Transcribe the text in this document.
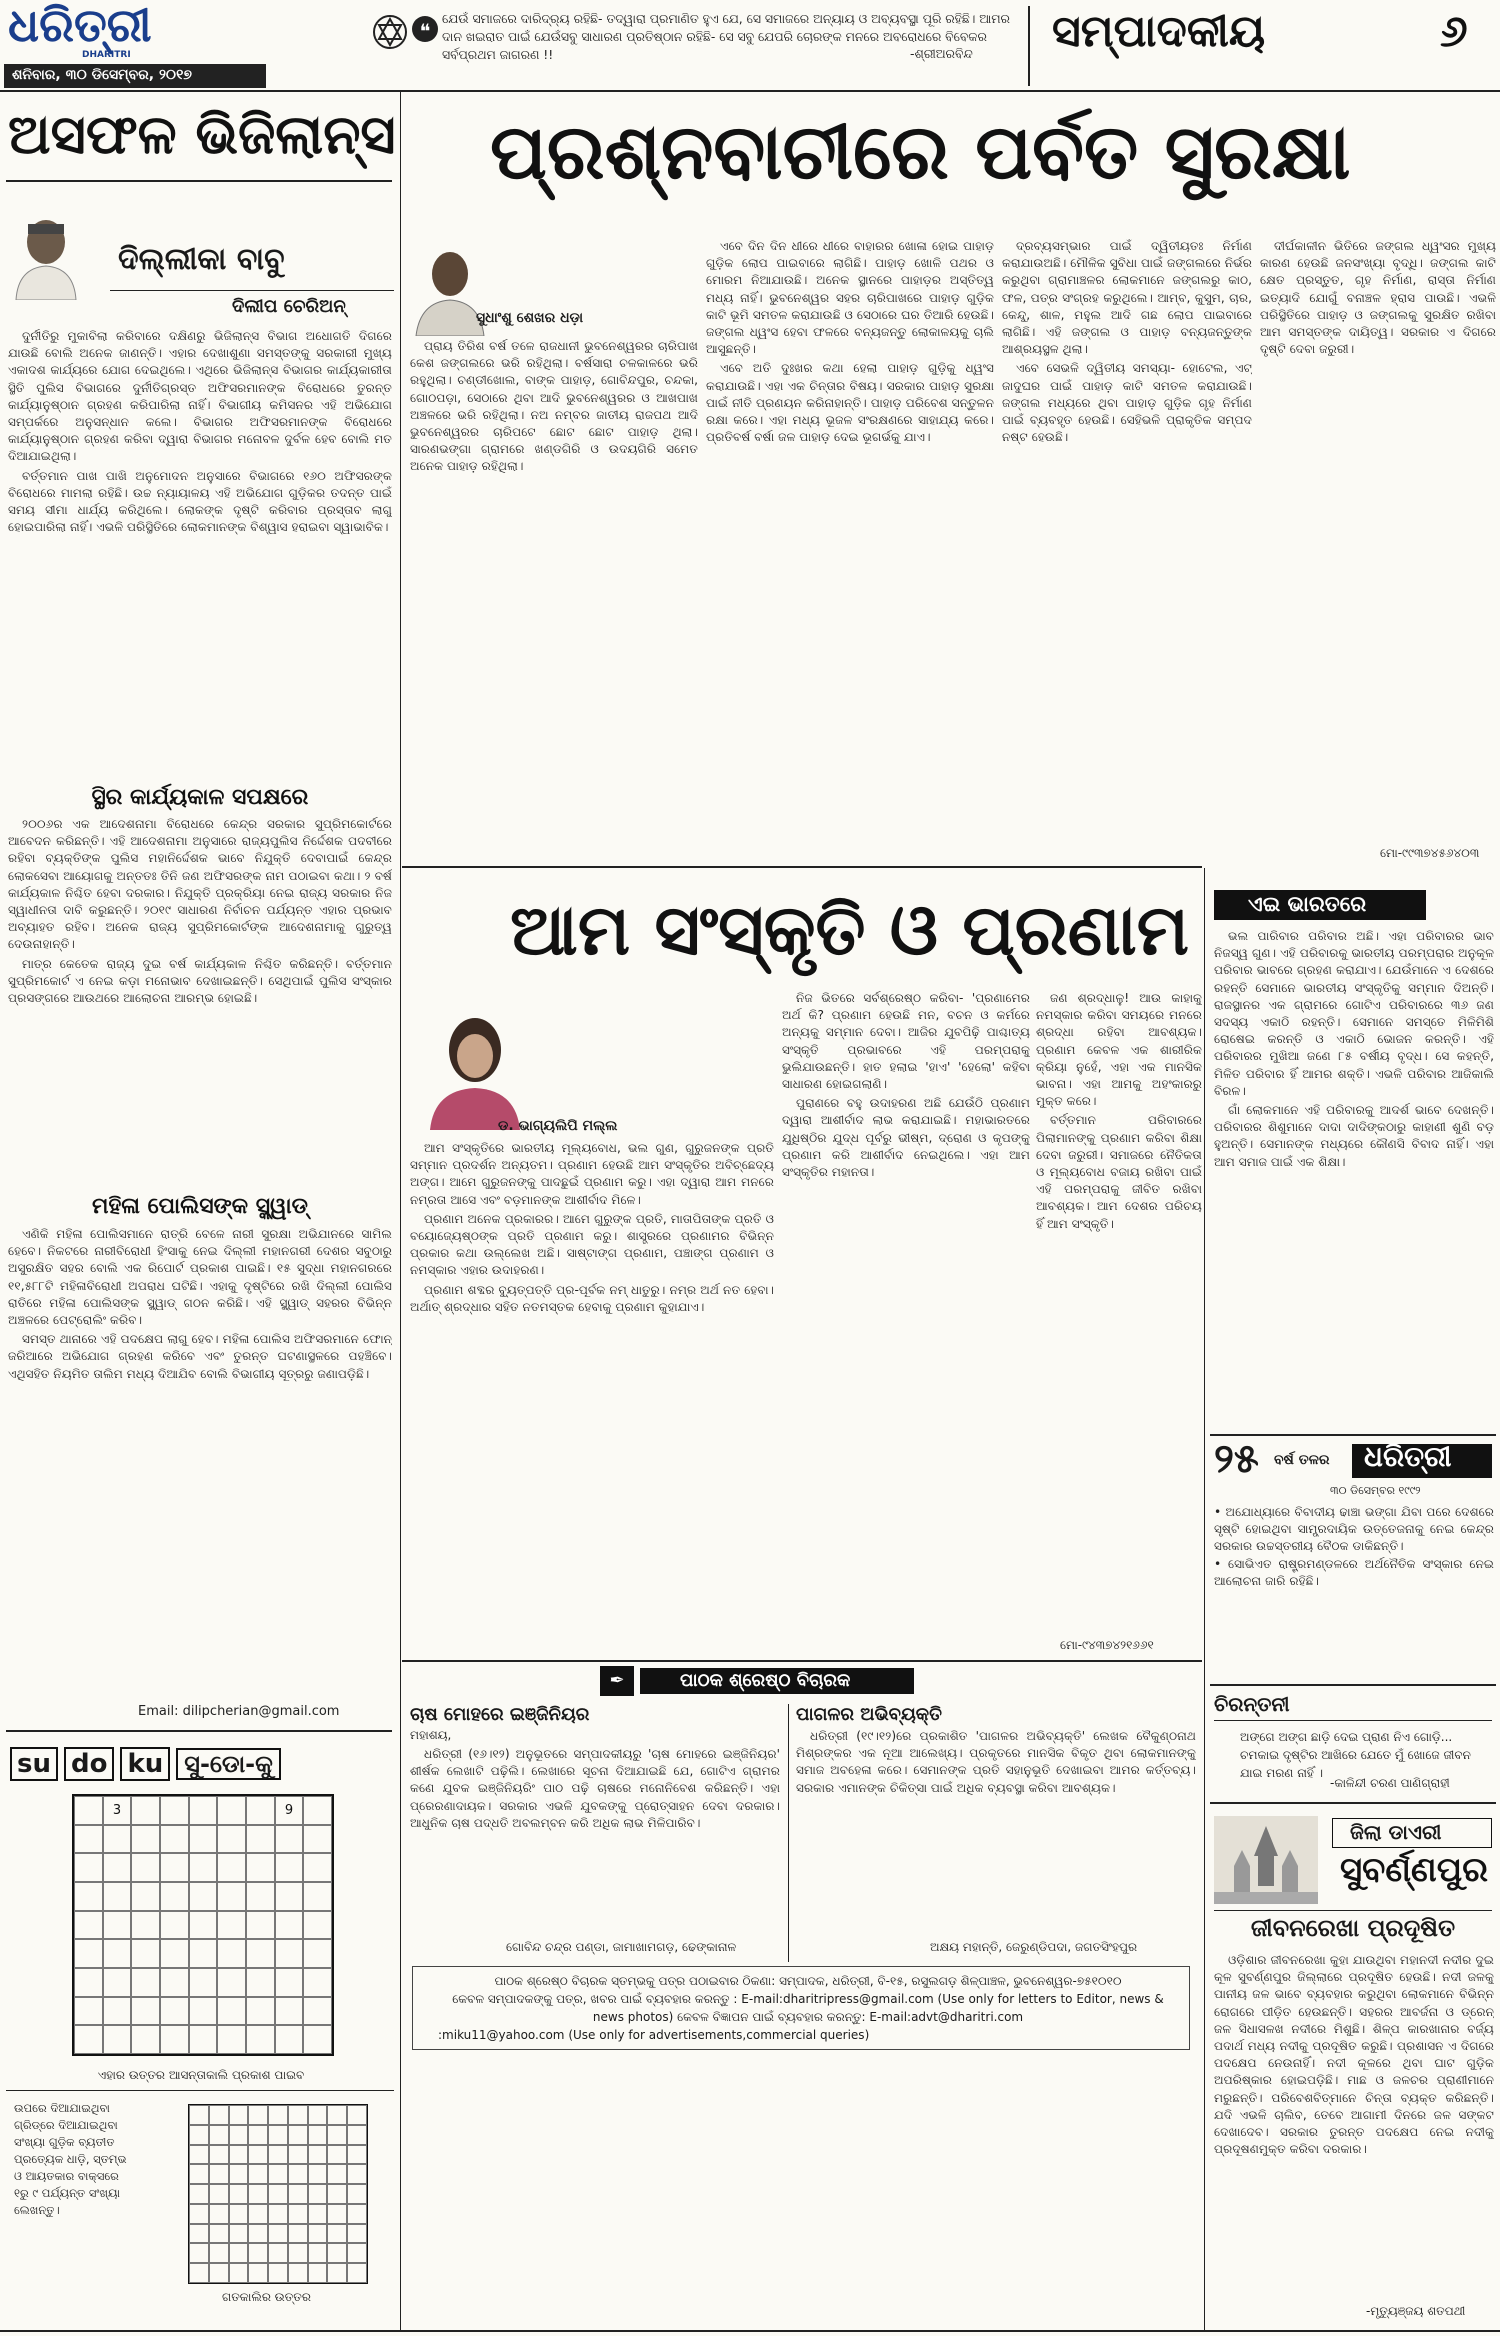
ଧରିତ୍ରୀ
DHARITRI
ଶନିବାର, ୩୦ ଡିସେମ୍ବର, ୨୦୧୭
❝
ଯେଉଁ ସମାଜରେ ଦାରିଦ୍ର୍ୟ ରହିଛି- ତଦ୍ୱାରା ପ୍ରମାଣିତ ହୁଏ ଯେ, ସେ ସମାଜରେ ଅନ୍ୟାୟ ଓ ଅବ୍ୟବସ୍ଥା ପୂରି ରହିଛି। ଆମର ଦାନ ଖଇରାତ ପାଇଁ ଯେଉଁସବୁ ସାଧାରଣ ପ୍ରତିଷ୍ଠାନ ରହିଛି- ସେ ସବୁ ଯେପରି ଚୋରଙ୍କ ମନରେ ଅବରୋଧରେ ବିବେକର ସର୍ବପ୍ରଥମ ଜାଗରଣ !!	-ଶ୍ରୀଅରବିନ୍ଦ ସମ୍ପାଦକୀୟ	୬
ଅସଫଳ ଭିଜିଲାନ୍ସ
ଦିଲ୍ଲୀକା ବାବୁ
ଦିଲୀପ ଚେରିଅନ୍

ଦୁର୍ନୀତିରୁ ମୁକାବିଲା କରିବାରେ ଦକ୍ଷିଣରୁ ଭିଜିଲାନ୍ସ ବିଭାଗ ଅଧୋଗତି ଦିଗରେ ଯାଉଛି ବୋଲି ଅନେକ ଜାଣନ୍ତି। ଏହାର ଦେଖାଶୁଣା ସମସ୍ତଙ୍କୁ ସରକାରୀ ମୁଖ୍ୟ ଏକାଦଶ କାର୍ଯ୍ୟରେ ଯୋଗ ଦେଇଥିଲେ। ଏଥିରେ ଭିଜିଲାନ୍ସ ବିଭାଗର କାର୍ଯ୍ୟକାରୀତା ସ୍ଥିତି ପୁଲିସ ବିଭାଗରେ ଦୁର୍ନୀତିଗ୍ରସ୍ତ ଅଫିସରମାନଙ୍କ ବିରୋଧରେ ତୁରନ୍ତ କାର୍ଯ୍ୟାନୁଷ୍ଠାନ ଗ୍ରହଣ କରିପାରିଲା ନାହିଁ। ବିଭାଗୀୟ କମିସନର ଏହି ଅଭିଯୋଗ ସମ୍ପର୍କରେ ଅନୁସନ୍ଧାନ କଲେ। ବିଭାଗର ଅଫିସରମାନଙ୍କ ବିରୋଧରେ କାର୍ଯ୍ୟାନୁଷ୍ଠାନ ଗ୍ରହଣ କରିବା ଦ୍ୱାରା ବିଭାଗର ମନୋବଳ ଦୁର୍ବଳ ହେବ ବୋଲି ମତ ଦିଆଯାଇଥିଲା।

ବର୍ତ୍ତମାନ ପାଖ ପାଖି ଅନୁମୋଦନ ଅନୁସାରେ ବିଭାଗରେ ୧୬୦ ଅଫିସରଙ୍କ ବିରୋଧରେ ମାମଲା ରହିଛି। ଉଚ୍ଚ ନ୍ୟାୟାଳୟ ଏହି ଅଭିଯୋଗ ଗୁଡ଼ିକର ତଦନ୍ତ ପାଇଁ ସମୟ ସୀମା ଧାର୍ଯ୍ୟ କରିଥିଲେ। ଲୋକଙ୍କ ଦୃଷ୍ଟି କରିବାର ପ୍ରସ୍ତାବ ଲାଗୁ ହୋଇପାରିଲା ନାହିଁ। ଏଭଳି ପରିସ୍ଥିତିରେ ଲୋକମାନଙ୍କ ବିଶ୍ୱାସ ହରାଇବା ସ୍ୱାଭାବିକ।

ସ୍ଥିର କାର୍ଯ୍ୟକାଳ ସପକ୍ଷରେ

୨୦୦୬ର ଏକ ଆଦେଶନାମା ବିରୋଧରେ କେନ୍ଦ୍ର ସରକାର ସୁପ୍ରିମକୋର୍ଟରେ ଆବେଦନ କରିଛନ୍ତି। ଏହି ଆଦେଶନାମା ଅନୁସାରେ ରାଜ୍ୟପୁଲିସ ନିର୍ଦ୍ଦେଶକ ପଦବୀରେ ରହିବା ବ୍ୟକ୍ତିଙ୍କ ପୁଲିସ ମହାନିର୍ଦ୍ଦେଶକ ଭାବେ ନିଯୁକ୍ତି ଦେବାପାଇଁ କେନ୍ଦ୍ର ଲୋକସେବା ଆୟୋଗକୁ ଅନ୍ତତଃ ତିନି ଜଣ ଅଫିସରଙ୍କ ନାମ ପଠାଇବା କଥା। ୨ ବର୍ଷ କାର୍ଯ୍ୟକାଳ ନିଶ୍ଚିତ ହେବା ଦରକାର। ନିଯୁକ୍ତି ପ୍ରକ୍ରିୟା ନେଇ ରାଜ୍ୟ ସରକାର ନିଜ ସ୍ୱାଧୀନତା ଦାବି କରୁଛନ୍ତି। ୨୦୧୯ ସାଧାରଣ ନିର୍ବାଚନ ପର୍ଯ୍ୟନ୍ତ ଏହାର ପ୍ରଭାବ ଅବ୍ୟାହତ ରହିବ। ଅନେକ ରାଜ୍ୟ ସୁପ୍ରିମକୋର୍ଟଙ୍କ ଆଦେଶନାମାକୁ ଗୁରୁତ୍ୱ ଦେଉନାହାନ୍ତି।

ମାତ୍ର କେତେକ ରାଜ୍ୟ ଦୁଇ ବର୍ଷ କାର୍ଯ୍ୟକାଳ ନିଶ୍ଚିତ କରିଛନ୍ତି। ବର୍ତ୍ତମାନ ସୁପ୍ରିମକୋର୍ଟ ଏ ନେଇ କଡ଼ା ମନୋଭାବ ଦେଖାଇଛନ୍ତି। ସେଥିପାଇଁ ପୁଲିସ ସଂସ୍କାର ପ୍ରସଙ୍ଗରେ ଆଉଥରେ ଆଲୋଚନା ଆରମ୍ଭ ହୋଇଛି।

ମହିଳା ପୋଲିସଙ୍କ ସ୍କ୍ୱାଡ୍

ଏଣିକି ମହିଳା ପୋଲିସମାନେ ରାତ୍ରି ବେଳେ ନାରୀ ସୁରକ୍ଷା ଅଭିଯାନରେ ସାମିଲ ହେବେ। ନିକଟରେ ନାରୀବିରୋଧୀ ହିଂସାକୁ ନେଇ ଦିଲ୍ଲୀ ମହାନଗରୀ ଦେଶର ସବୁଠାରୁ ଅସୁରକ୍ଷିତ ସହର ବୋଲି ଏକ ରିପୋର୍ଟ ପ୍ରକାଶ ପାଇଛି। ୧୫ ସୁଦ୍ଧା ମହାନଗରରେ ୧୧,୫୮୮ଟି ମହିଳାବିରୋଧୀ ଅପରାଧ ଘଟିଛି। ଏହାକୁ ଦୃଷ୍ଟିରେ ରଖି ଦିଲ୍ଲୀ ପୋଲିସ ରାତିରେ ମହିଳା ପୋଲିସଙ୍କ ସ୍କ୍ୱାଡ୍ ଗଠନ କରିଛି। ଏହି ସ୍କ୍ୱାଡ୍ ସହରର ବିଭିନ୍ନ ଅଞ୍ଚଳରେ ପେଟ୍ରୋଲିଂ କରିବ।

ସମସ୍ତ ଥାନାରେ ଏହି ପଦକ୍ଷେପ ଲାଗୁ ହେବ। ମହିଳା ପୋଲିସ ଅଫିସରମାନେ ଫୋନ୍ ଜରିଆରେ ଅଭିଯୋଗ ଗ୍ରହଣ କରିବେ ଏବଂ ତୁରନ୍ତ ଘଟଣାସ୍ଥଳରେ ପହଞ୍ଚିବେ। ଏଥିସହିତ ନିୟମିତ ତାଲିମ ମଧ୍ୟ ଦିଆଯିବ ବୋଲି ବିଭାଗୀୟ ସୂତ୍ରରୁ ଜଣାପଡ଼ିଛି।

Email: dilipcherian@gmail.com
su do ku ସୁ-ଡୋ-କୁ
3	9
ଏହାର ଉତ୍ତର ଆସନ୍ତାକାଲି ପ୍ରକାଶ ପାଇବ
ଉପରେ ଦିଆଯାଇଥିବା ଗ୍ରିଡ୍‌ରେ ଦିଆଯାଇଥିବା ସଂଖ୍ୟା ଗୁଡ଼ିକ ବ୍ୟତୀତ ପ୍ରତ୍ୟେକ ଧାଡ଼ି, ସ୍ତମ୍ଭ ଓ ଆୟତକାର ବାକ୍ସରେ ୧ରୁ ୯ ପର୍ଯ୍ୟନ୍ତ ସଂଖ୍ୟା ଲେଖନ୍ତୁ।
ଗତକାଲିର ଉତ୍ତର
ପ୍ରଶ୍ନବାଚୀରେ ପର୍ବତ ସୁରକ୍ଷା
ସୁଧାଂଶୁ ଶେଖର ଧଡ଼ା

ପ୍ରାୟ ତିରିଶ ବର୍ଷ ତଳେ ରାଜଧାନୀ ଭୁବନେଶ୍ୱରର ଚାରିପାଖ କେଶ ଜଙ୍ଗଲରେ ଭରି ରହିଥିଲା। ବର୍ଷସାରା ଚଳକାଳରେ ଭରି ରହୁଥିଲା। ଚଣ୍ଡୀଖୋଲ, ବାଙ୍କ ପାହାଡ଼, ଗୋବିନ୍ଦପୁର, ଚନ୍ଦକା, ଗୋଠପଡ଼ା, ସେଠାରେ ଥିବା ଆଦି ଭୁବନେଶ୍ୱରର ଓ ଆଖପାଖ ଅଞ୍ଚଳରେ ଭରି ରହିଥିଲା। ନଅ ନମ୍ବର ଜାତୀୟ ରାଜପଥ ଆଦି ଭୁବନେଶ୍ୱରର ଚାରିପଟେ ଛୋଟ ଛୋଟ ପାହାଡ଼ ଥିଲା। ସାରଣଭଙ୍ଗା ଗ୍ରାମରେ ଖଣ୍ଡଗିରି ଓ ଉଦୟଗିରି ସମେତ ଅନେକ ପାହାଡ଼ ରହିଥିଲା।

ଏବେ ଦିନ ଦିନ ଧୀରେ ଧୀରେ ବାହାରର ଖୋଳା ହୋଇ ପାହାଡ଼ ଗୁଡ଼ିକ ଲୋପ ପାଇବାରେ ଲାଗିଛି। ପାହାଡ଼ ଖୋଳି ପଥର ଓ ମୋରମ ନିଆଯାଉଛି। ଅନେକ ସ୍ଥାନରେ ପାହାଡ଼ର ଅସ୍ତିତ୍ୱ ମଧ୍ୟ ନାହିଁ। ଭୁବନେଶ୍ୱର ସହର ଚାରିପାଖରେ ପାହାଡ଼ ଗୁଡ଼ିକ କାଟି ଭୂମି ସମତଳ କରାଯାଉଛି ଓ ସେଠାରେ ଘର ତିଆରି ହେଉଛି। ଜଙ୍ଗଲ ଧ୍ୱଂସ ହେବା ଫଳରେ ବନ୍ୟଜନ୍ତୁ ଲୋକାଳୟକୁ ଚାଲି ଆସୁଛନ୍ତି।

ଏବେ ଅତି ଦୁଃଖର କଥା ହେଲା ପାହାଡ଼ ଗୁଡ଼ିକୁ ଧ୍ୱଂସ କରାଯାଉଛି। ଏହା ଏକ ଚିନ୍ତାର ବିଷୟ। ସରକାର ପାହାଡ଼ ସୁରକ୍ଷା ପାଇଁ ନୀତି ପ୍ରଣୟନ କରିନାହାନ୍ତି। ପାହାଡ଼ ପରିବେଶ ସନ୍ତୁଳନ ରକ୍ଷା କରେ। ଏହା ମଧ୍ୟ ଭୂଜଳ ସଂରକ୍ଷଣରେ ସାହାଯ୍ୟ କରେ। ପ୍ରତିବର୍ଷ ବର୍ଷା ଜଳ ପାହାଡ଼ ଦେଇ ଭୂଗର୍ଭକୁ ଯାଏ।

ଦ୍ରବ୍ୟସମ୍ଭାର ପାଇଁ ଦ୍ୱିତୀୟତଃ ନିର୍ମାଣ କରାଯାଉଅଛି। ମୌଳିକ ସୁବିଧା ପାଇଁ ଜଙ୍ଗଲରେ ନିର୍ଭର କରୁଥିବା ଗ୍ରାମାଞ୍ଚଳର ଲୋକମାନେ ଜଙ୍ଗଲରୁ କାଠ, ଫଳ, ପତ୍ର ସଂଗ୍ରହ କରୁଥିଲେ। ଆମ୍ବ, କୁସୁମ, ଚାର, କେନ୍ଦୁ, ଶାଳ, ମହୁଲ ଆଦି ଗଛ ଲୋପ ପାଇବାରେ ଲାଗିଛି। ଏହି ଜଙ୍ଗଲ ଓ ପାହାଡ଼ ବନ୍ୟଜନ୍ତୁଙ୍କ ଆଶ୍ରୟସ୍ଥଳ ଥିଲା।

ଏବେ ସେଭଳି ଦ୍ୱିତୀୟ ସମସ୍ୟା- ହୋଟେଲ, ଏଟ୍ ଜାଦୁଘର ପାଇଁ ପାହାଡ଼ କାଟି ସମତଳ କରାଯାଉଛି। ଜଙ୍ଗଲ ମଧ୍ୟରେ ଥିବା ପାହାଡ଼ ଗୁଡ଼ିକ ଗୃହ ନିର୍ମାଣ ପାଇଁ ବ୍ୟବହୃତ ହେଉଛି। ସେହିଭଳି ପ୍ରାକୃତିକ ସମ୍ପଦ ନଷ୍ଟ ହେଉଛି।

ଦୀର୍ଘକାଳୀନ ଭିତିରେ ଜଙ୍ଗଲ ଧ୍ୱଂସର ମୁଖ୍ୟ କାରଣ ହେଉଛି ଜନସଂଖ୍ୟା ବୃଦ୍ଧି। ଜଙ୍ଗଲ କାଟି କ୍ଷେତ ପ୍ରସ୍ତୁତ, ଗୃହ ନିର୍ମାଣ, ରାସ୍ତା ନିର୍ମାଣ ଇତ୍ୟାଦି ଯୋଗୁଁ ବନାଞ୍ଚଳ ହ୍ରାସ ପାଉଛି। ଏଭଳି ପରିସ୍ଥିତିରେ ପାହାଡ଼ ଓ ଜଙ୍ଗଲକୁ ସୁରକ୍ଷିତ ରଖିବା ଆମ ସମସ୍ତଙ୍କ ଦାୟିତ୍ୱ। ସରକାର ଏ ଦିଗରେ ଦୃଷ୍ଟି ଦେବା ଜରୁରୀ।

ମୋ-୯୯୩୭୪୫୬୪୦୩
ଆମ ସଂସ୍କୃତି ଓ ପ୍ରଣାମ
ଡ. ଭାଗ୍ୟଲିପି ମଲ୍ଲ

ଆମ ସଂସ୍କୃତିରେ ଭାରତୀୟ ମୂଲ୍ୟବୋଧ, ଭଲ ଗୁଣ, ଗୁରୁଜନଙ୍କ ପ୍ରତି ସମ୍ମାନ ପ୍ରଦର୍ଶନ ଅନ୍ୟତମ। ପ୍ରଣାମ ହେଉଛି ଆମ ସଂସ୍କୃତିର ଅବିଚ୍ଛେଦ୍ୟ ଅଙ୍ଗ। ଆମେ ଗୁରୁଜନଙ୍କୁ ପାଦଛୁଇଁ ପ୍ରଣାମ କରୁ। ଏହା ଦ୍ୱାରା ଆମ ମନରେ ନମ୍ରତା ଆସେ ଏବଂ ବଡ଼ମାନଙ୍କ ଆଶୀର୍ବାଦ ମିଳେ।

ପ୍ରଣାମ ଅନେକ ପ୍ରକାରର। ଆମେ ଗୁରୁଙ୍କ ପ୍ରତି, ମାତାପିତାଙ୍କ ପ୍ରତି ଓ ବୟୋଜ୍ୟେଷ୍ଠଙ୍କ ପ୍ରତି ପ୍ରଣାମ କରୁ। ଶାସ୍ତ୍ରରେ ପ୍ରଣାମର ବିଭିନ୍ନ ପ୍ରକାର କଥା ଉଲ୍ଲେଖ ଅଛି। ସାଷ୍ଟାଙ୍ଗ ପ୍ରଣାମ, ପଞ୍ଚାଙ୍ଗ ପ୍ରଣାମ ଓ ନମସ୍କାର ଏହାର ଉଦାହରଣ।

ପ୍ରଣାମ ଶବ୍ଦର ବ୍ୟୁତ୍ପତ୍ତି ପ୍ର-ପୂର୍ବକ ନମ୍ ଧାତୁରୁ। ନମ୍ର ଅର୍ଥ ନତ ହେବା। ଅର୍ଥାତ୍ ଶ୍ରଦ୍ଧାର ସହିତ ନତମସ୍ତକ ହେବାକୁ ପ୍ରଣାମ କୁହାଯାଏ।

ନିଜ ଭିତରେ ସର୍ବଶ୍ରେଷ୍ଠ କରିବା- 'ପ୍ରଣାମେର ଅର୍ଥ କି? ପ୍ରଣାମ ହେଉଛି ମନ, ବଚନ ଓ କର୍ମରେ ଅନ୍ୟକୁ ସମ୍ମାନ ଦେବା। ଆଜିର ଯୁବପିଢ଼ି ପାଶ୍ଚାତ୍ୟ ସଂସ୍କୃତି ପ୍ରଭାବରେ ଏହି ପରମ୍ପରାକୁ ଭୁଲିଯାଉଛନ୍ତି। ହାତ ହଲାଇ 'ହାଏ' 'ହେଲୋ' କହିବା ସାଧାରଣ ହୋଇଗଲାଣି।

ପୁରାଣରେ ବହୁ ଉଦାହରଣ ଅଛି ଯେଉଁଠି ପ୍ରଣାମ ଦ୍ୱାରା ଆଶୀର୍ବାଦ ଲାଭ କରାଯାଇଛି। ମହାଭାରତରେ ଯୁଧିଷ୍ଠିର ଯୁଦ୍ଧ ପୂର୍ବରୁ ଭୀଷ୍ମ, ଦ୍ରୋଣ ଓ କୃପଙ୍କୁ ପ୍ରଣାମ କରି ଆଶୀର୍ବାଦ ନେଇଥିଲେ। ଏହା ଆମ ସଂସ୍କୃତିର ମହାନତା।

ଜଣ ଶ୍ରଦ୍ଧାଳୁ! ଆଉ କାହାକୁ ନମସ୍କାର କରିବା ସମୟରେ ମନରେ ଶ୍ରଦ୍ଧା ରହିବା ଆବଶ୍ୟକ। ପ୍ରଣାମ କେବଳ ଏକ ଶାରୀରିକ କ୍ରିୟା ନୁହେଁ, ଏହା ଏକ ମାନସିକ ଭାବନା। ଏହା ଆମକୁ ଅହଂକାରରୁ ମୁକ୍ତ କରେ।

ବର୍ତ୍ତମାନ ପରିବାରରେ ପିଲାମାନଙ୍କୁ ପ୍ରଣାମ କରିବା ଶିକ୍ଷା ଦେବା ଜରୁରୀ। ସମାଜରେ ନୈତିକତା ଓ ମୂଲ୍ୟବୋଧ ବଜାୟ ରଖିବା ପାଇଁ ଏହି ପରମ୍ପରାକୁ ଜୀବିତ ରଖିବା ଆବଶ୍ୟକ। ଆମ ଦେଶର ପରିଚୟ ହିଁ ଆମ ସଂସ୍କୃତି।

ମୋ-୯୪୩୭୪୨୧୬୬୧
✒	ପାଠକ ଶ୍ରେଷ୍ଠ ବିଚାରକ
ଚାଷ ମୋହରେ ଇଞ୍ଜିନିୟର
ମହାଶୟ,
ଧରିତ୍ରୀ (୧୬।୧୨) ଅନୁଭୂତରେ ସମ୍ପାଦକୀୟରୁ 'ଚାଷ ମୋହରେ ଇଞ୍ଜିନିୟର' ଶୀର୍ଷକ ଲେଖାଟି ପଢ଼ିଲି। ଲେଖାରେ ସୂଚନା ଦିଆଯାଇଛି ଯେ, ଗୋଟିଏ ଗ୍ରାମର କଣେ ଯୁବକ ଇଞ୍ଜିନିୟରିଂ ପାଠ ପଢ଼ି ଚାଷରେ ମନୋନିବେଶ କରିଛନ୍ତି। ଏହା ପ୍ରେରଣାଦାୟକ। ସରକାର ଏଭଳି ଯୁବକଙ୍କୁ ପ୍ରୋତ୍ସାହନ ଦେବା ଦରକାର। ଆଧୁନିକ ଚାଷ ପଦ୍ଧତି ଅବଲମ୍ବନ କରି ଅଧିକ ଲାଭ ମିଳିପାରିବ।
ଗୋବିନ୍ଦ ଚନ୍ଦ୍ର ପଣ୍ଡା, ଜାମାଖାମଗଡ଼, ଢେଙ୍କାନାଳ
ପାଗଳର ଅଭିବ୍ୟକ୍ତି
ଧରିତ୍ରୀ (୧୯।୧୨)ରେ ପ୍ରକାଶିତ 'ପାଗଳର ଅଭିବ୍ୟକ୍ତି' ଲେଖକ ବୈକୁଣ୍ଠନାଥ ମିଶ୍ରଙ୍କର ଏକ ନୂଆ ଆଲେଖ୍ୟ। ପ୍ରକୃତରେ ମାନସିକ ବିକୃତ ଥିବା ଲୋକମାନଙ୍କୁ ସମାଜ ଅବହେଳା କରେ। ସେମାନଙ୍କ ପ୍ରତି ସହାନୁଭୂତି ଦେଖାଇବା ଆମର କର୍ତ୍ତବ୍ୟ। ସରକାର ଏମାନଙ୍କ ଚିକିତ୍ସା ପାଇଁ ଅଧିକ ବ୍ୟବସ୍ଥା କରିବା ଆବଶ୍ୟକ।
ଅକ୍ଷୟ ମହାନ୍ତି, ଜେରୁଣ୍ଡିପଦା, ଜଗତସିଂହପୁର
ପାଠକ ଶ୍ରେଷ୍ଠ ବିଚାରକ ସ୍ତମ୍ଭକୁ ପତ୍ର ପଠାଇବାର ଠିକଣା: ସମ୍ପାଦକ, ଧରିତ୍ରୀ, ବି-୧୫, ରସୁଲଗଡ଼ ଶିଳ୍ପାଞ୍ଚଳ, ଭୁବନେଶ୍ୱର-୭୫୧୦୧୦
କେବଳ ସମ୍ପାଦକଙ୍କୁ ପତ୍ର, ଖବର ପାଇଁ ବ୍ୟବହାର କରନ୍ତୁ : E-mail:dharitripress@gmail.com (Use only for letters to Editor, news & news photos) କେବଳ ବିଜ୍ଞାପନ ପାଇଁ ବ୍ୟବହାର କରନ୍ତୁ: E-mail:advt@dharitri.com
:miku11@yahoo.com (Use only for advertisements,commercial queries)
ଏଇ ଭାରତରେ

ଭଲ ପାରିବାର ପରିବାର ଅଛି। ଏହା ପରିବାରର ଭାବ ନିଜସ୍ୱ ଗୁଣ। ଏହି ପରିବାରକୁ ଭାରତୀୟ ପରମ୍ପରାର ଅନୁକୂଳ ପରିବାର ଭାବରେ ଗ୍ରହଣ କରାଯାଏ। ଯେଉଁମାନେ ଏ ଦେଶରେ ରହନ୍ତି ସେମାନେ ଭାରତୀୟ ସଂସ୍କୃତିକୁ ସମ୍ମାନ ଦିଅନ୍ତି। ରାଜସ୍ଥାନର ଏକ ଗ୍ରାମରେ ଗୋଟିଏ ପରିବାରରେ ୩୬ ଜଣ ସଦସ୍ୟ ଏକାଠି ରହନ୍ତି। ସେମାନେ ସମସ୍ତେ ମିଳିମିଶି ରୋଷେଇ କରନ୍ତି ଓ ଏକାଠି ଭୋଜନ କରନ୍ତି। ଏହି ପରିବାରର ମୁଖିଆ ଜଣେ ୮୫ ବର୍ଷୀୟ ବୃଦ୍ଧ। ସେ କହନ୍ତି, ମିଳିତ ପରିବାର ହିଁ ଆମର ଶକ୍ତି। ଏଭଳି ପରିବାର ଆଜିକାଲି ବିରଳ।

ଗାଁ ଲୋକମାନେ ଏହି ପରିବାରକୁ ଆଦର୍ଶ ଭାବେ ଦେଖନ୍ତି। ପରିବାରର ଶିଶୁମାନେ ଦାଦା ଦାଦିଙ୍କଠାରୁ କାହାଣୀ ଶୁଣି ବଡ଼ ହୁଅନ୍ତି। ସେମାନଙ୍କ ମଧ୍ୟରେ କୌଣସି ବିବାଦ ନାହିଁ। ଏହା ଆମ ସମାଜ ପାଇଁ ଏକ ଶିକ୍ଷା।

୨୫ ବର୍ଷ ତଳର ଧରିତ୍ରୀ
୩୦ ଡିସେମ୍ବର ୧୯୯୨
• ଅଯୋଧ୍ୟାରେ ବିବାଦୀୟ ଢାଞ୍ଚା ଭଙ୍ଗା ଯିବା ପରେ ଦେଶରେ ସୃଷ୍ଟି ହୋଇଥିବା ସାମ୍ପ୍ରଦାୟିକ ଉତ୍ତେଜନାକୁ ନେଇ କେନ୍ଦ୍ର ସରକାର ଉଚ୍ଚସ୍ତରୀୟ ବୈଠକ ଡାକିଛନ୍ତି।
• ସୋଭିଏତ ରାଷ୍ଟ୍ରମଣ୍ଡଳରେ ଅର୍ଥନୈତିକ ସଂସ୍କାର ନେଇ ଆଲୋଚନା ଜାରି ରହିଛି।
ଚିରନ୍ତନୀ
ଅଙ୍ଗେ ଅଙ୍ଗ ଛାଡ଼ି ଦେଇ ପ୍ରାଣ ନିଏ ଗୋଡ଼ି... ଚମକାଇ ଦୃଷ୍ଟିର ଆଖିରେ ଯେତେ ମୁଁ ଖୋଜେ ଜୀବନ ଯାଇ ମରଣ ନାହିଁ ।
-କାଳିନ୍ଦୀ ଚରଣ ପାଣିଗ୍ରାହୀ
ଜିଲା ଡାଏରୀ
ସୁବର୍ଣ୍ଣପୁର
ଜୀବନରେଖା ପ୍ରଦୂଷିତ
ଓଡ଼ିଶାର ଜୀବନରେଖା କୁହା ଯାଉଥିବା ମହାନଦୀ ନଦୀର ଦୁଇ କୂଳ ସୁବର୍ଣ୍ଣପୁର ଜିଲ୍ଲାରେ ପ୍ରଦୂଷିତ ହେଉଛି। ନଦୀ ଜଳକୁ ପାନୀୟ ଜଳ ଭାବେ ବ୍ୟବହାର କରୁଥିବା ଲୋକମାନେ ବିଭିନ୍ନ ରୋଗରେ ପୀଡ଼ିତ ହେଉଛନ୍ତି। ସହରର ଆବର୍ଜନା ଓ ଡ୍ରେନ୍ ଜଳ ସିଧାସଳଖ ନଦୀରେ ମିଶୁଛି। ଶିଳ୍ପ କାରଖାନାର ବର୍ଜ୍ୟ ପଦାର୍ଥ ମଧ୍ୟ ନଦୀକୁ ପ୍ରଦୂଷିତ କରୁଛି। ପ୍ରଶାସନ ଏ ଦିଗରେ ପଦକ୍ଷେପ ନେଉନାହିଁ। ନଦୀ କୂଳରେ ଥିବା ଘାଟ ଗୁଡ଼ିକ ଅପରିଷ୍କାର ହୋଇପଡ଼ିଛି। ମାଛ ଓ ଜଳଚର ପ୍ରାଣୀମାନେ ମରୁଛନ୍ତି। ପରିବେଶବିତ୍‌ମାନେ ଚିନ୍ତା ବ୍ୟକ୍ତ କରିଛନ୍ତି। ଯଦି ଏଭଳି ଚାଲିବ, ତେବେ ଆଗାମୀ ଦିନରେ ଜଳ ସଙ୍କଟ ଦେଖାଦେବ। ସରକାର ତୁରନ୍ତ ପଦକ୍ଷେପ ନେଇ ନଦୀକୁ ପ୍ରଦୂଷଣମୁକ୍ତ କରିବା ଦରକାର।
-ମୃତ୍ୟୁଞ୍ଜୟ ଶତପଥୀ
